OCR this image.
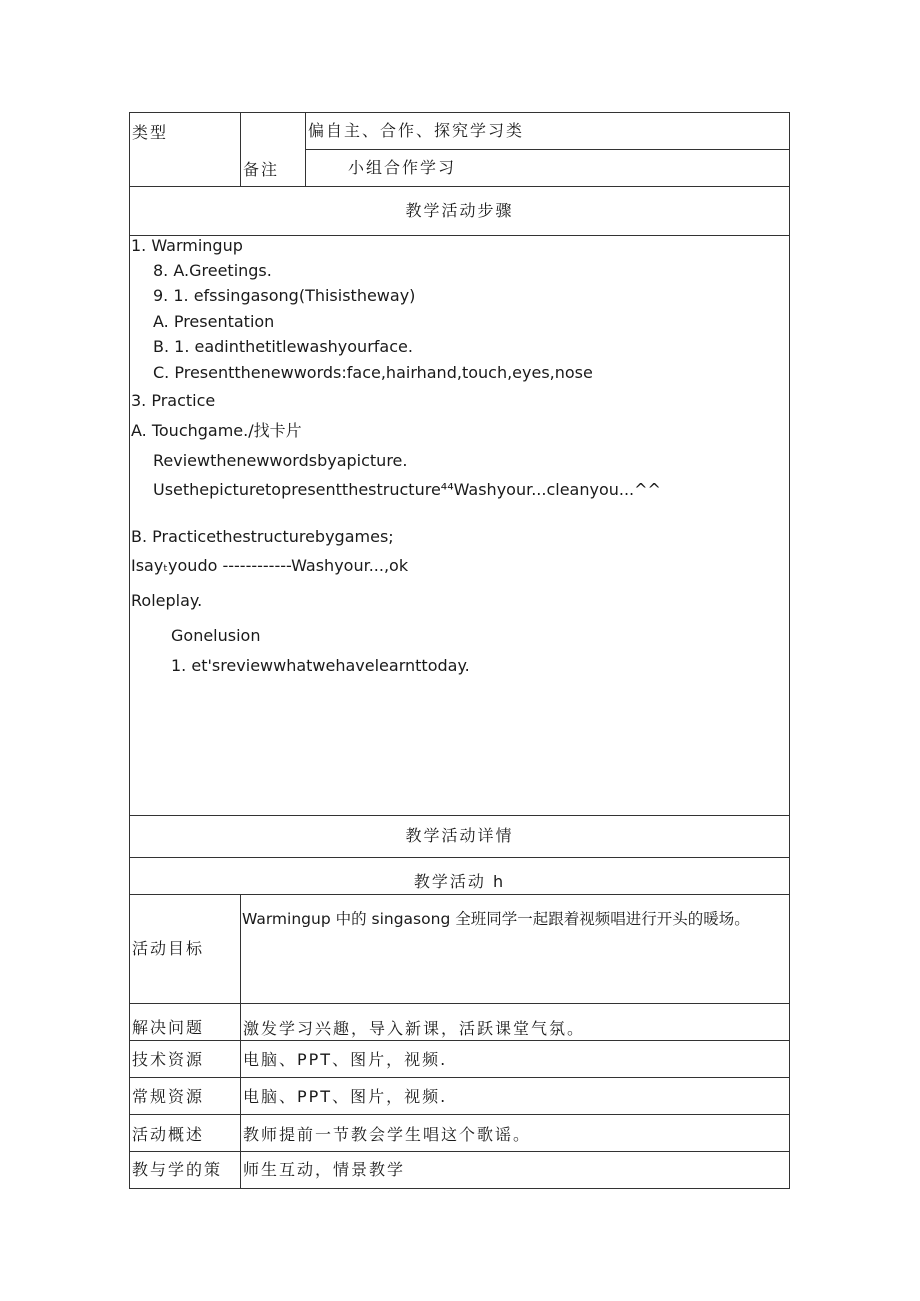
类型	偏自主、合作、探究学习类
备注	小组合作学习
教学活动步骤
1. Warmingup
8. A.Greetings.
9. 1. efssingasong(Thisistheway)
A. Presentation
B. 1. eadinthetitlewashyourface.
C. Presentthenewwords:face,hairhand,touch,eyes,nose
3. Practice
A. Touchgame./找卡片
Reviewthenewwordsbyapicture.
Usethepicturetopresentthestructure⁴⁴Washyour...cleanyou...^^
B. Practicethestructurebygames;
Isayₜyoudo ------------Washyour...,ok
Roleplay.
Gonelusion
1. et'sreviewwhatwehavelearnttoday.
教学活动详情
教学活动 h
活动目标
Warmingup 中的 singasong 全班同学一起跟着视频唱进行开头的暖场。
解决问题 激发学习兴趣，导入新课，活跃课堂气氛。
技术资源 电脑、PPT、图片，视频.
常规资源 电脑、PPT、图片，视频.
活动概述 教师提前一节教会学生唱这个歌谣。
教与学的策 师生互动，情景教学
